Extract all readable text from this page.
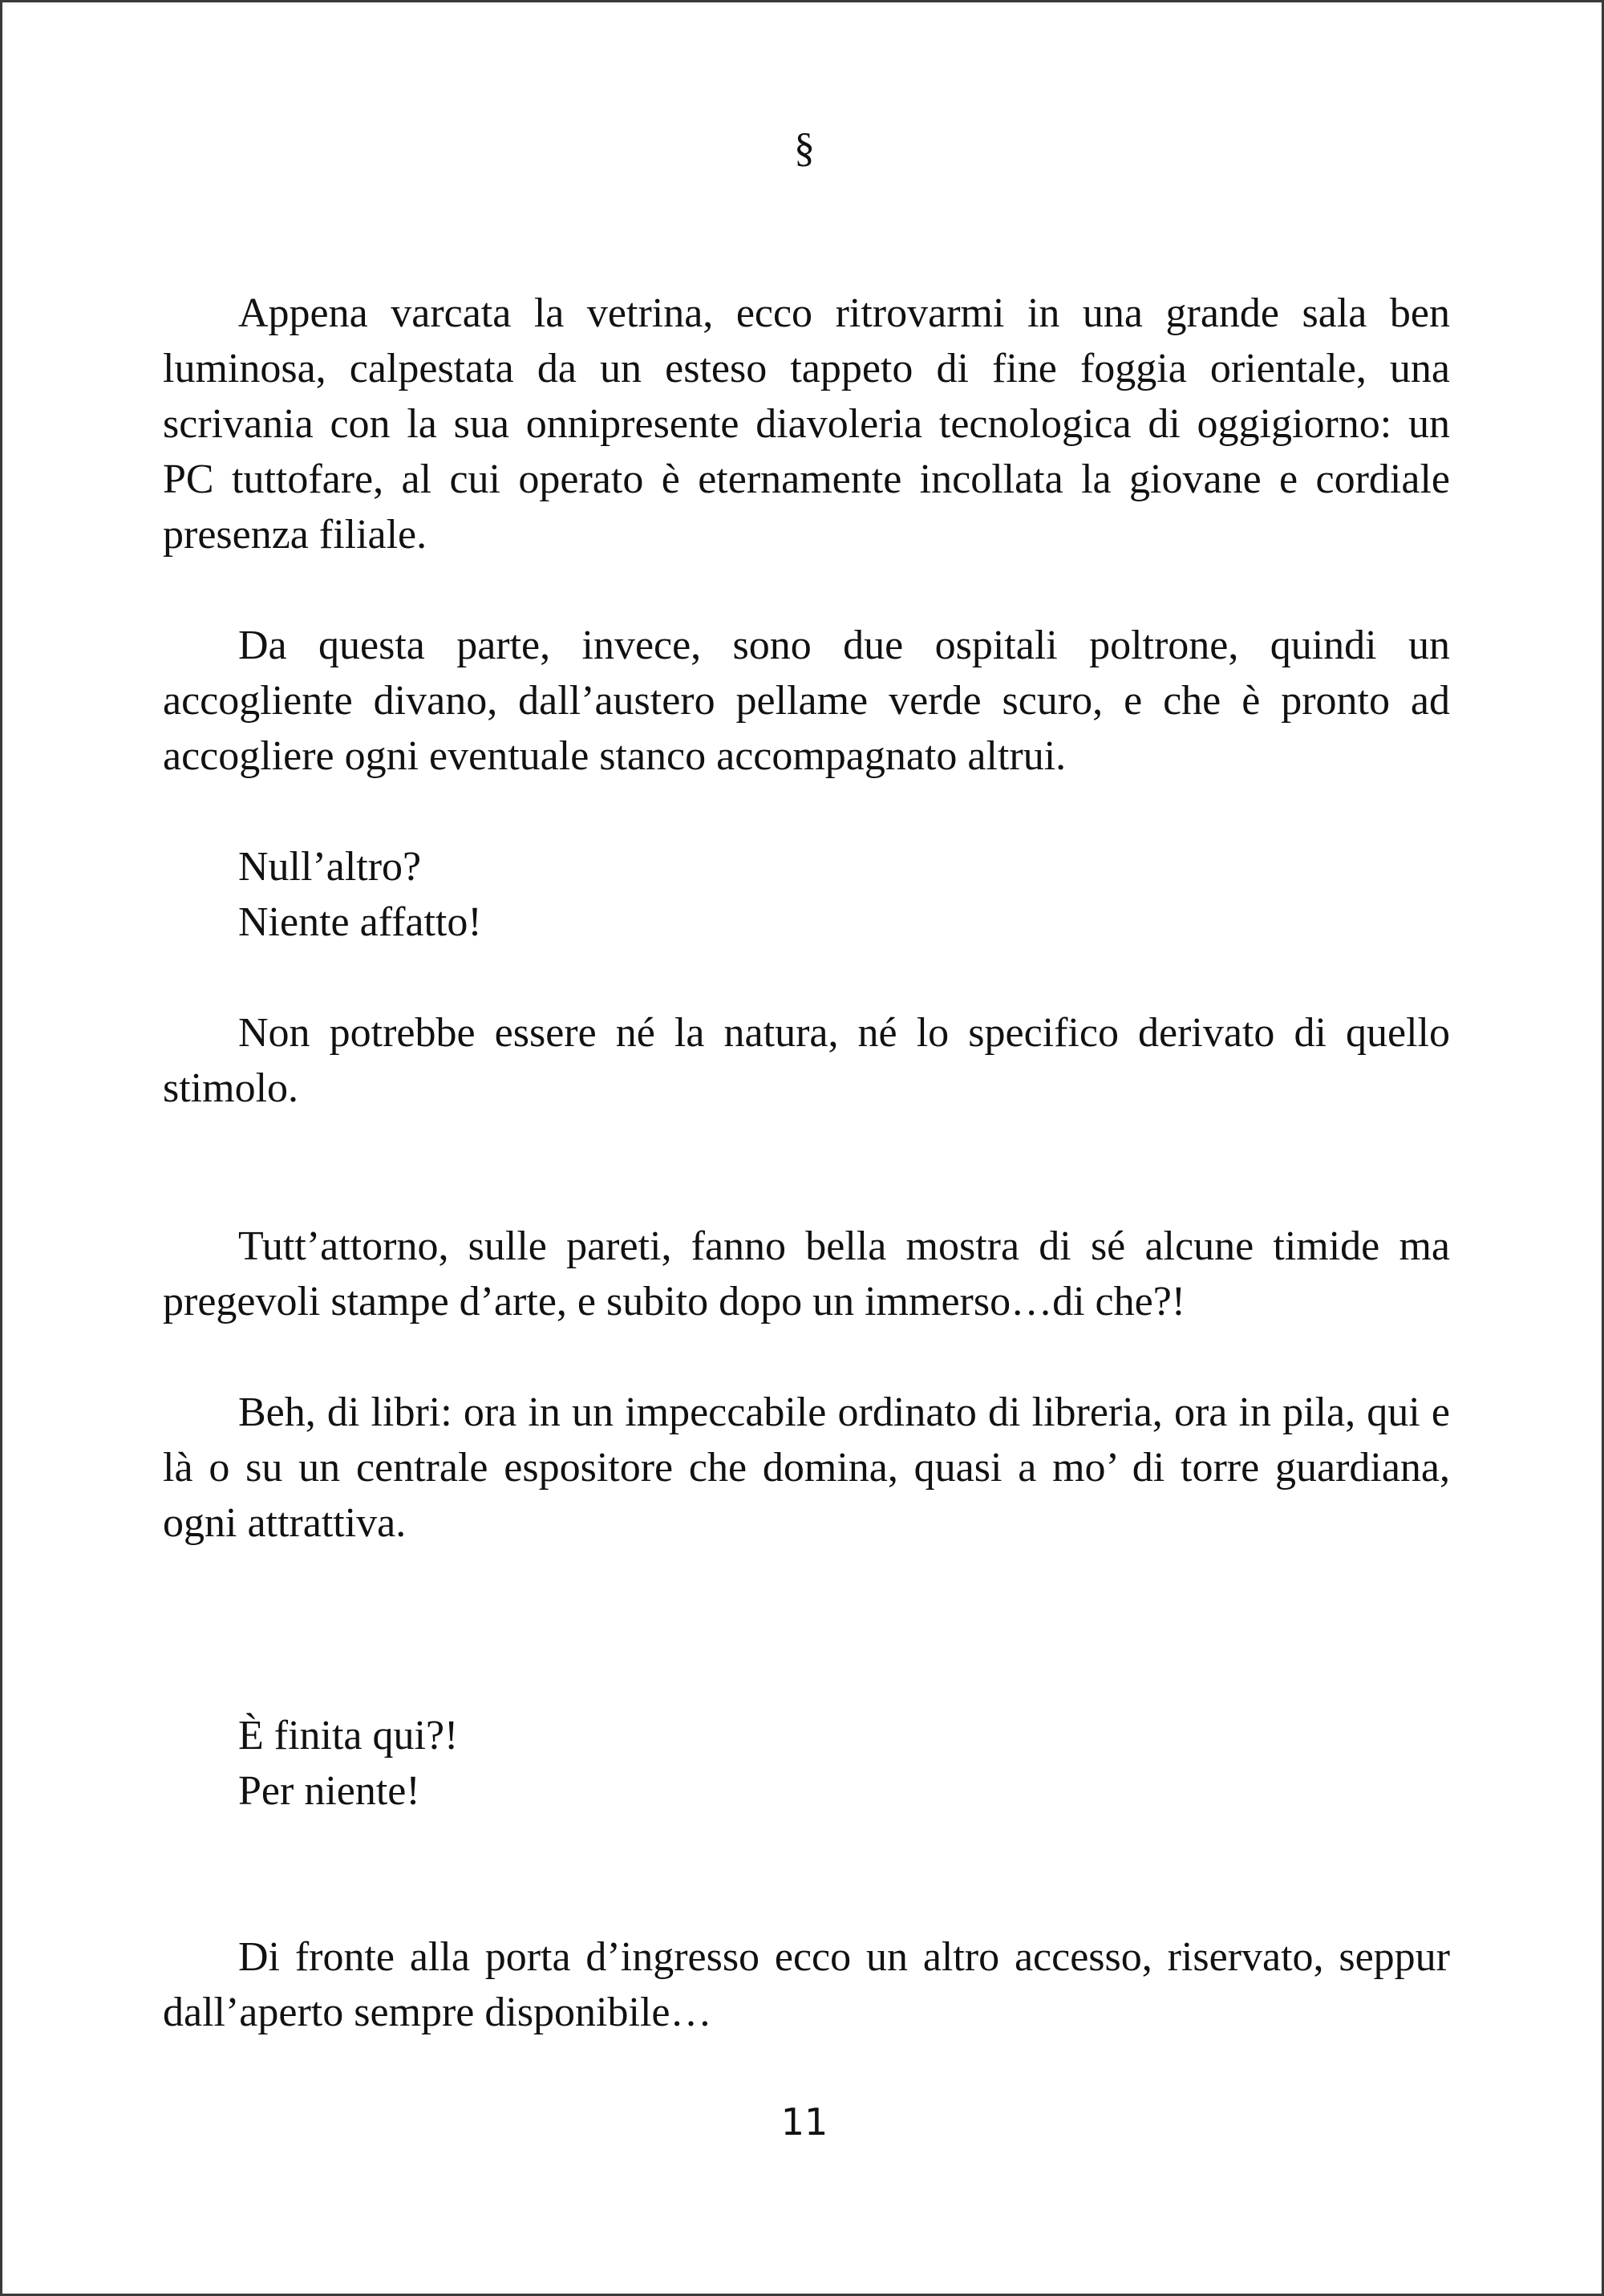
§

Appena varcata la vetrina, ecco ritrovarmi in una grande sala ben luminosa, calpestata da un esteso tappeto di fine foggia orientale, una scrivania con la sua onnipresente diavoleria tecnologica di oggigiorno: un PC tuttofare, al cui operato è eternamente incollata la giovane e cordiale presenza filiale.

Da questa parte, invece, sono due ospitali poltrone, quindi un accogliente divano, dall’austero pellame verde scuro, e che è pronto ad accogliere ogni eventuale stanco accompagnato altrui.

Null’altro?

Niente affatto!

Non potrebbe essere né la natura, né lo specifico derivato di quello stimolo.

Tutt’attorno, sulle pareti, fanno bella mostra di sé alcune timide ma pregevoli stampe d’arte, e subito dopo un immerso…di che?!

Beh, di libri: ora in un impeccabile ordinato di libreria, ora in pila, qui e là o su un centrale espositore che domina, quasi a mo’ di torre guardiana, ogni attrattiva.

È finita qui?!

Per niente!

Di fronte alla porta d’ingresso ecco un altro accesso, riservato, seppur dall’aperto sempre disponibile…

11
